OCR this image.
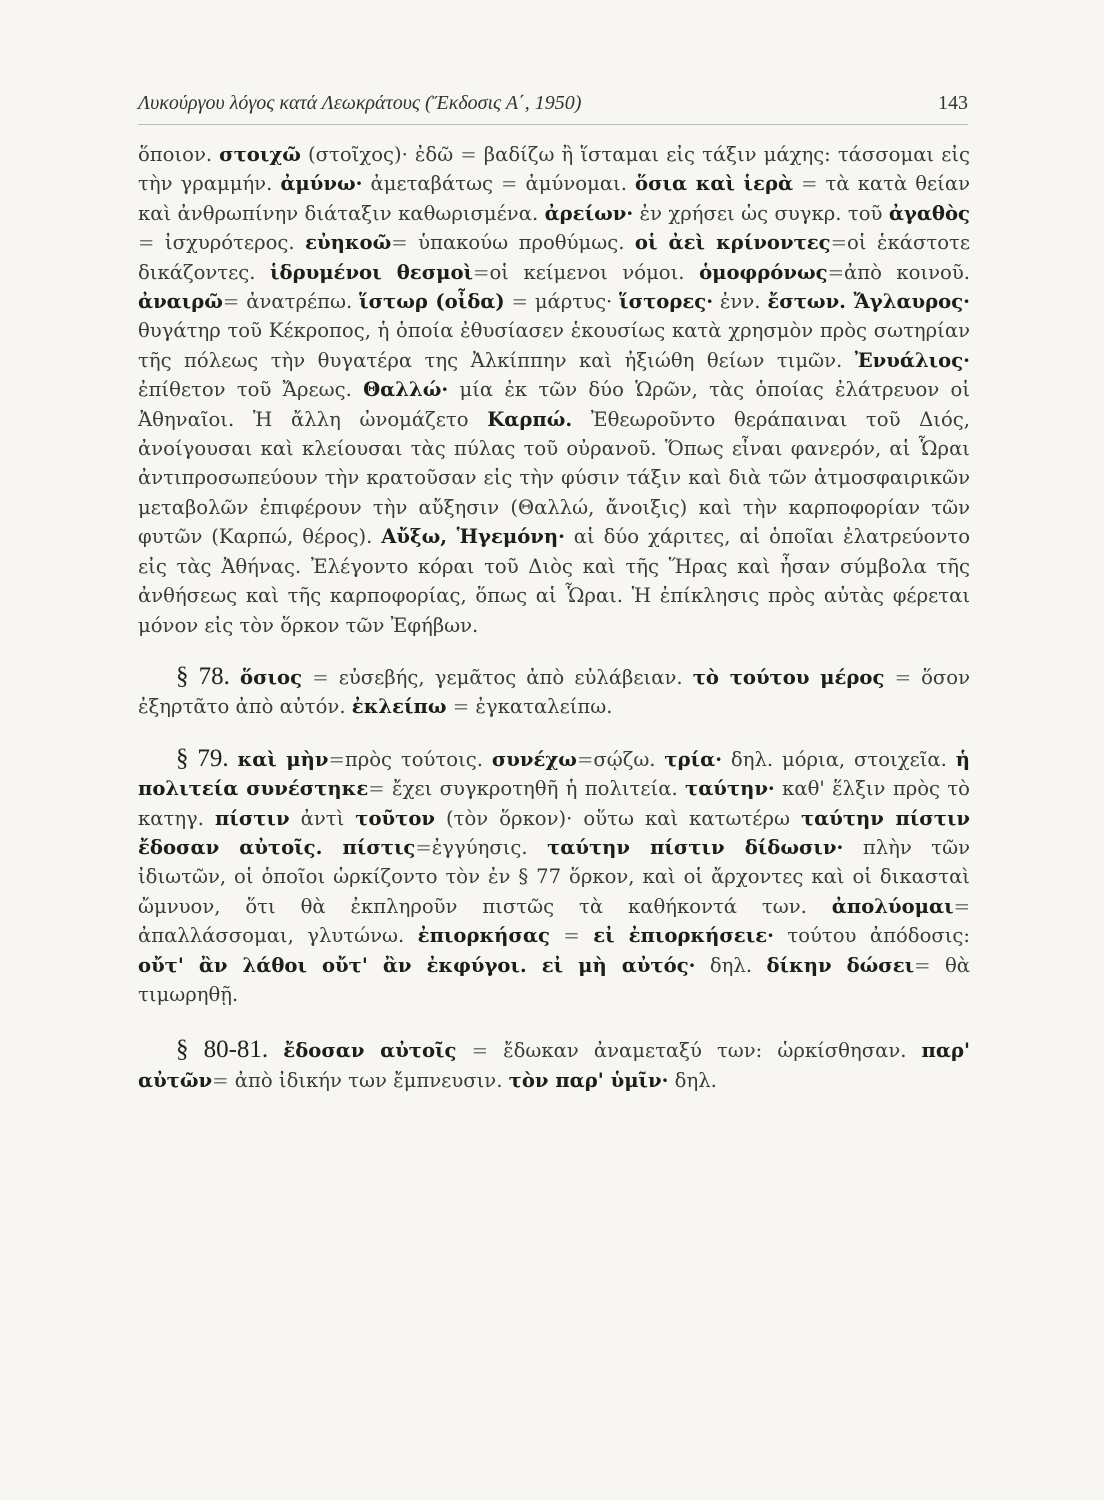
Λυκούργου λόγος κατά Λεωκράτους (Ἔκδοσις Α΄, 1950)	143

ὅποιον. στοιχῶ (στοῖχος)· ἐδῶ = βαδίζω ἢ ἵσταμαι εἰς τάξιν μάχης: τάσσομαι εἰς τὴν γραμμήν. ἀμύνω· ἀμεταβάτως = ἀμύνομαι. ὅσια καὶ ἱερὰ = τὰ κατὰ θείαν καὶ ἀνθρωπίνην διάταξιν καθωρισμένα. ἀρείων· ἐν χρήσει ὡς συγκρ. τοῦ ἀγαθὸς = ἰσχυρότερος. εὐηκοῶ= ὑπακούω προθύμως. οἱ ἀεὶ κρίνοντες=οἱ ἑκάστοτε δικάζοντες. ἱδρυμένοι θεσμοὶ=οἱ κείμενοι νόμοι. ὁμοφρόνως=ἀπὸ κοινοῦ. ἀναιρῶ= ἀνατρέπω. ἵστωρ (οἶδα) = μάρτυς· ἵστορες· ἐνν. ἔστων. Ἄγλαυρος· θυγάτηρ τοῦ Κέκροπος, ἡ ὁποία ἐθυσίασεν ἑκουσίως κατὰ χρησμὸν πρὸς σωτηρίαν τῆς πόλεως τὴν θυγατέρα της Ἀλκίππην καὶ ἠξιώθη θείων τιμῶν. Ἐνυάλιος· ἐπίθετον τοῦ Ἄρεως. Θαλλώ· μία ἐκ τῶν δύο Ὡρῶν, τὰς ὁποίας ἐλάτρευον οἱ Ἀθηναῖοι. Ἡ ἄλλη ὠνομάζετο Καρπώ. Ἐθεωροῦντο θεράπαιναι τοῦ Διός, ἀνοίγουσαι καὶ κλείουσαι τὰς πύλας τοῦ οὐρανοῦ. Ὅπως εἶναι φανερόν, αἱ Ὧραι ἀντιπροσωπεύουν τὴν κρατοῦσαν εἰς τὴν φύσιν τάξιν καὶ διὰ τῶν ἀτμοσφαιρικῶν μεταβολῶν ἐπιφέρουν τὴν αὔξησιν (Θαλλώ, ἄνοιξις) καὶ τὴν καρποφορίαν τῶν φυτῶν (Καρπώ, θέρος). Αὔξω, Ἡγεμόνη· αἱ δύο χάριτες, αἱ ὁποῖαι ἐλατρεύοντο εἰς τὰς Ἀθήνας. Ἐλέγοντο κόραι τοῦ Διὸς καὶ τῆς Ἥρας καὶ ἦσαν σύμβολα τῆς ἀνθήσεως καὶ τῆς καρποφορίας, ὅπως αἱ Ὧραι. Ἡ ἐπίκλησις πρὸς αὐτὰς φέρεται μόνον εἰς τὸν ὅρκον τῶν Ἐφήβων.

§ 78. ὅσιος = εὐσεβής, γεμᾶτος ἀπὸ εὐλάβειαν. τὸ τούτου μέρος = ὅσον ἐξηρτᾶτο ἀπὸ αὐτόν. ἐκλείπω = ἐγκαταλείπω.

§ 79. καὶ μὴν=πρὸς τούτοις. συνέχω=σῴζω. τρία· δηλ. μόρια, στοιχεῖα. ἡ πολιτεία συνέστηκε= ἔχει συγκροτηθῆ ἡ πολιτεία. ταύτην· καθ' ἕλξιν πρὸς τὸ κατηγ. πίστιν ἀντὶ τοῦτον (τὸν ὅρκον)· οὕτω καὶ κατωτέρω ταύτην πίστιν ἔδοσαν αὐτοῖς. πίστις=ἐγγύησις. ταύτην πίστιν δίδωσιν· πλὴν τῶν ἰδιωτῶν, οἱ ὁποῖοι ὡρκίζοντο τὸν ἐν § 77 ὅρκον, καὶ οἱ ἄρχοντες καὶ οἱ δικασταὶ ὤμνυον, ὅτι θὰ ἐκπληροῦν πιστῶς τὰ καθήκοντά των. ἀπολύομαι= ἀπαλλάσσομαι, γλυτώνω. ἐπιορκήσας = εἰ ἐπιορκήσειε· τούτου ἀπόδοσις: οὔτ' ἂν λάθοι οὔτ' ἂν ἐκφύγοι. εἰ μὴ αὐτός· δηλ. δίκην δώσει= θὰ τιμωρηθῇ.

§ 80-81. ἔδοσαν αὐτοῖς = ἔδωκαν ἀναμεταξύ των: ὡρκίσθησαν. παρ' αὐτῶν= ἀπὸ ἰδικήν των ἔμπνευσιν. τὸν παρ' ὑμῖν· δηλ.
